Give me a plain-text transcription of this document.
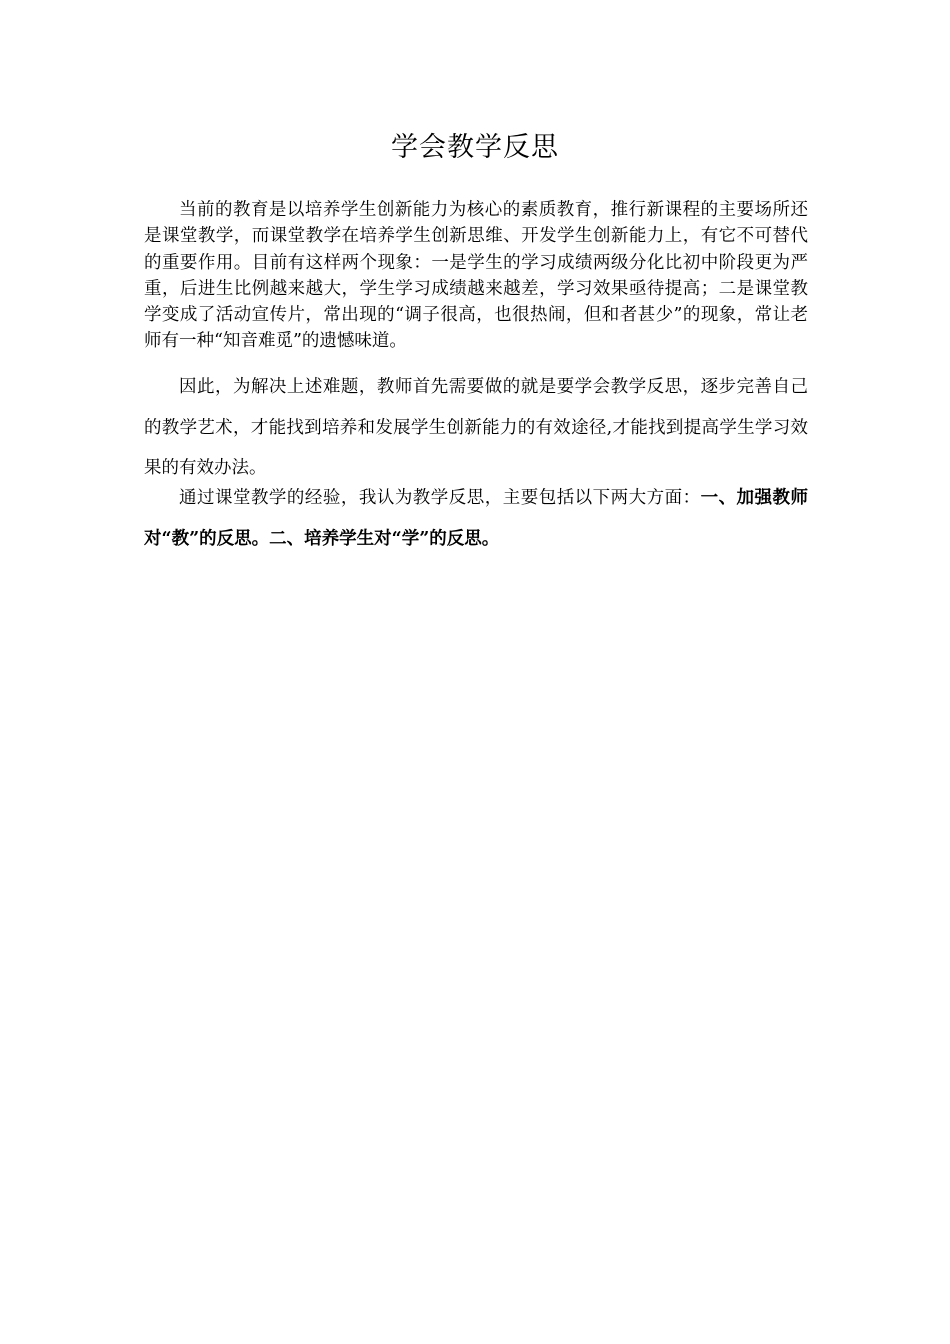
学会教学反思

当前的教育是以培养学生创新能力为核心的素质教育，推行新课程的主要场所还是课堂教学，而课堂教学在培养学生创新思维、开发学生创新能力上，有它不可替代的重要作用。目前有这样两个现象：一是学生的学习成绩两级分化比初中阶段更为严重，后进生比例越来越大，学生学习成绩越来越差，学习效果亟待提高；二是课堂教学变成了活动宣传片，常出现的“调子很高，也很热闹，但和者甚少”的现象，常让老师有一种“知音难觅”的遗憾味道。

因此，为解决上述难题，教师首先需要做的就是要学会教学反思，逐步完善自己的教学艺术，才能找到培养和发展学生创新能力的有效途径,才能找到提高学生学习效果的有效办法。

通过课堂教学的经验，我认为教学反思，主要包括以下两大方面：一、加强教师对“教”的反思。二、培养学生对“学”的反思。
